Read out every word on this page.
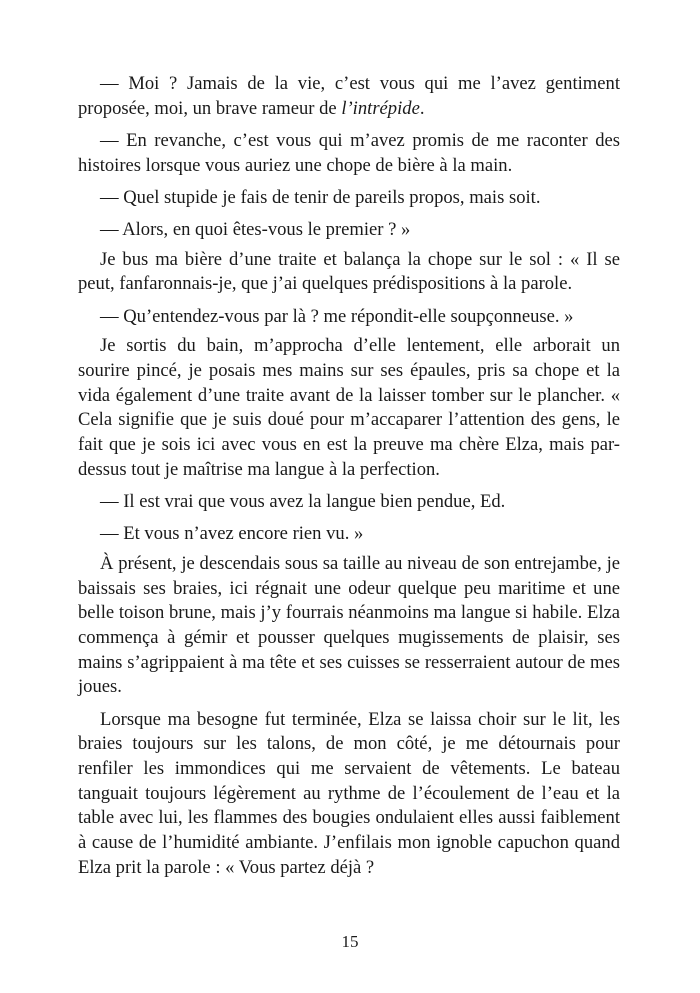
— Moi ? Jamais de la vie, c’est vous qui me l’avez gentiment proposée, moi, un brave rameur de l’intrépide.

— En revanche, c’est vous qui m’avez promis de me raconter des histoires lorsque vous auriez une chope de bière à la main.

— Quel stupide je fais de tenir de pareils propos, mais soit.

— Alors, en quoi êtes-vous le premier ? »

Je bus ma bière d’une traite et balança la chope sur le sol : « Il se peut, fanfaronnais-je, que j’ai quelques prédispositions à la parole.

— Qu’entendez-vous par là ? me répondit-elle soupçonneuse. »

Je sortis du bain, m’approcha d’elle lentement, elle arborait un sourire pincé, je posais mes mains sur ses épaules, pris sa chope et la vida également d’une traite avant de la laisser tomber sur le plancher. « Cela signifie que je suis doué pour m’accaparer l’attention des gens, le fait que je sois ici avec vous en est la preuve ma chère Elza, mais par-dessus tout je maîtrise ma langue à la perfection.

— Il est vrai que vous avez la langue bien pendue, Ed.

— Et vous n’avez encore rien vu. »

À présent, je descendais sous sa taille au niveau de son entrejambe, je baissais ses braies, ici régnait une odeur quelque peu maritime et une belle toison brune, mais j’y fourrais néanmoins ma langue si habile. Elza commença à gémir et pousser quelques mugissements de plaisir, ses mains s’agrippaient à ma tête et ses cuisses se resserraient autour de mes joues.

Lorsque ma besogne fut terminée, Elza se laissa choir sur le lit, les braies toujours sur les talons, de mon côté, je me détournais pour renfiler les immondices qui me servaient de vêtements. Le bateau tanguait toujours légèrement au rythme de l’écoulement de l’eau et la table avec lui, les flammes des bougies ondulaient elles aussi faiblement à cause de l’humidité ambiante. J’enfilais mon ignoble capuchon quand Elza prit la parole : « Vous partez déjà ?

15
